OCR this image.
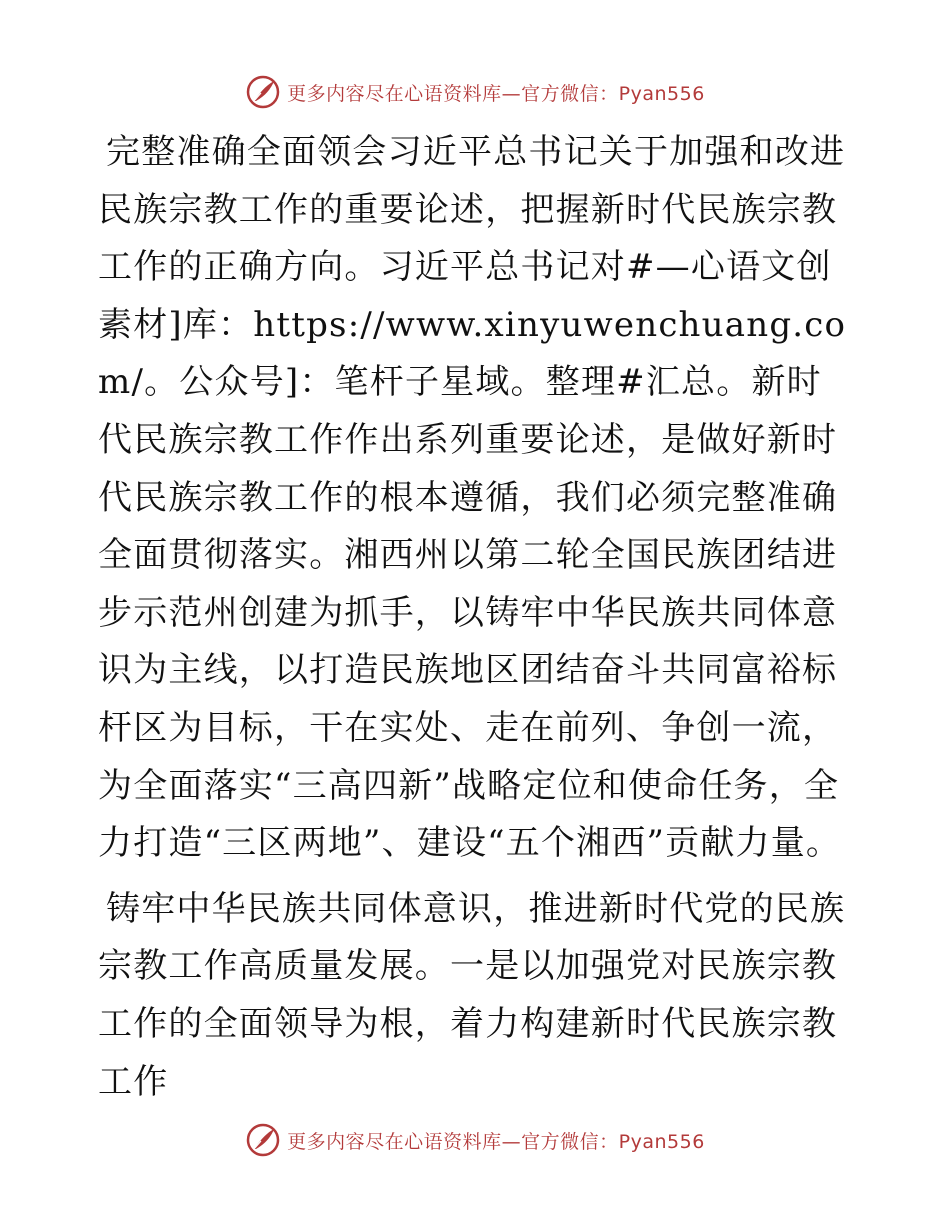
更多内容尽在心语资料库—官方微信：Pyan556

完整准确全面领会习近平总书记关于加强和改进民族宗教工作的重要论述，把握新时代民族宗教工作的正确方向。习近平总书记对#—心语文创素材]库：https://www.xinyuwenchuang.com/。公众号]：笔杆子星域。整理#汇总。新时代民族宗教工作作出系列重要论述，是做好新时代民族宗教工作的根本遵循，我们必须完整准确全面贯彻落实。湘西州以第二轮全国民族团结进步示范州创建为抓手，以铸牢中华民族共同体意识为主线，以打造民族地区团结奋斗共同富裕标杆区为目标，干在实处、走在前列、争创一流，为全面落实“三高四新”战略定位和使命任务，全力打造“三区两地”、建设“五个湘西”贡献力量。

铸牢中华民族共同体意识，推进新时代党的民族宗教工作高质量发展。一是以加强党对民族宗教工作的全面领导为根，着力构建新时代民族宗教工作

更多内容尽在心语资料库—官方微信：Pyan556
